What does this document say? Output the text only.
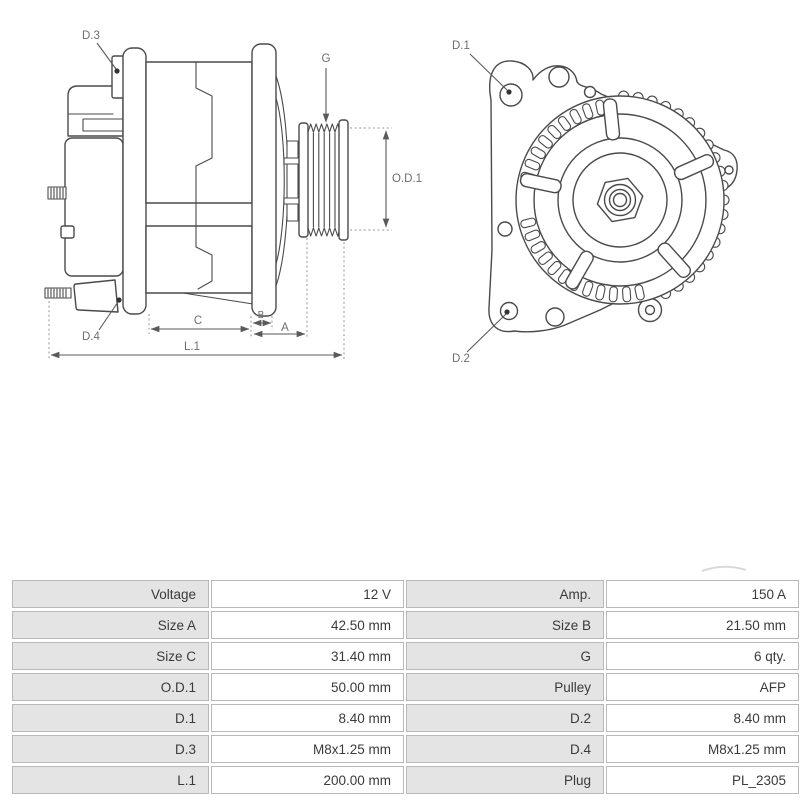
D.3
G
O.D.1
D.4
C	B
A
L.1
D.1
D.2
Voltage	12 V	Amp.	150 A
Size A	42.50 mm	Size B	21.50 mm
Size C	31.40 mm	G	6 qty.
O.D.1	50.00 mm	Pulley	AFP
D.1	8.40 mm	D.2	8.40 mm
D.3	M8x1.25 mm	D.4	M8x1.25 mm
L.1	200.00 mm	Plug	PL_2305
